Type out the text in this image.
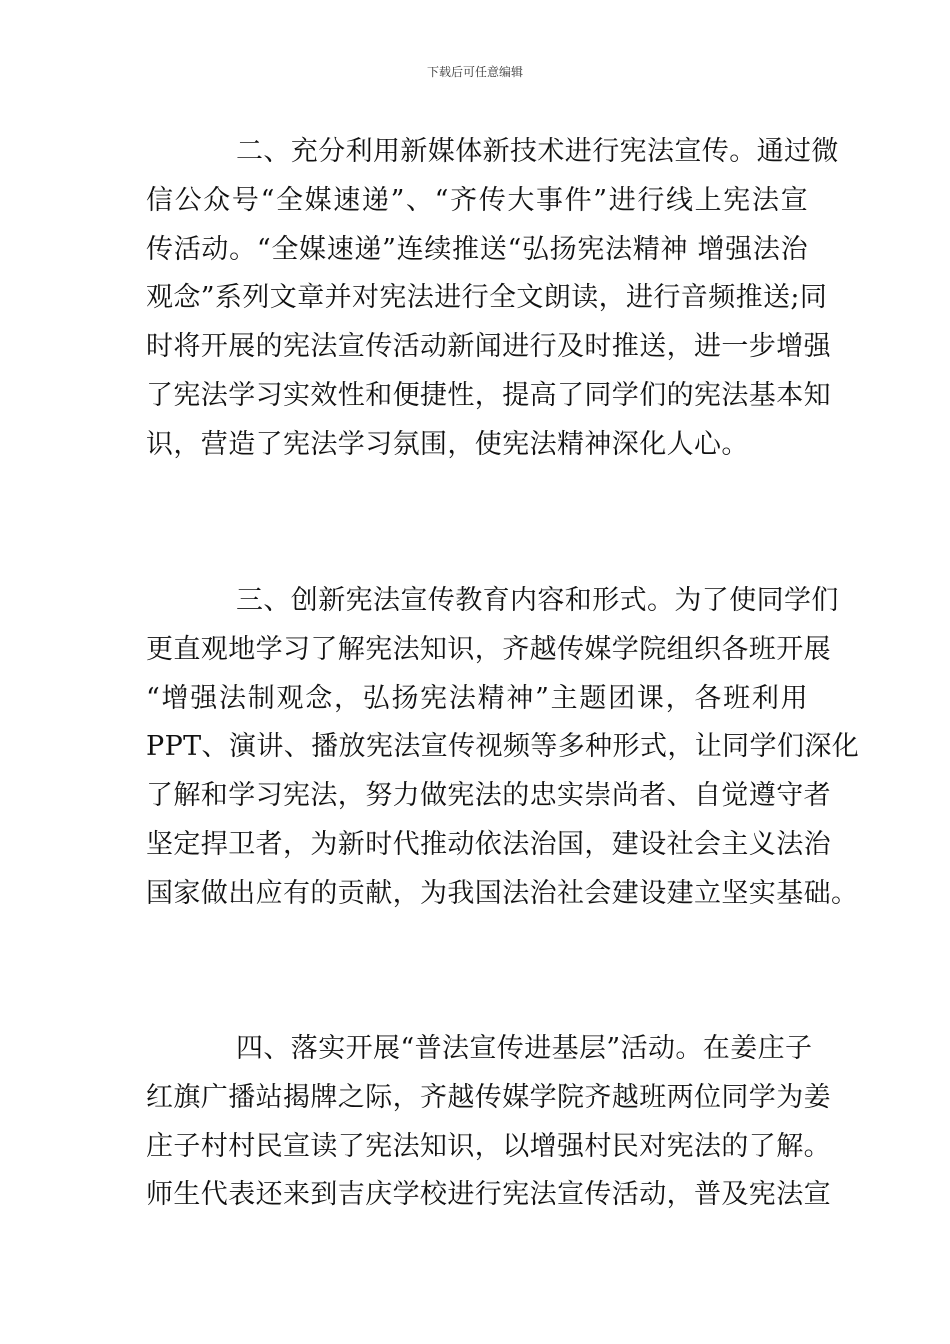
下载后可任意编辑
二、充分利用新媒体新技术进行宪法宣传。通过微
信公众号“全媒速递”、“齐传大事件”进行线上宪法宣
传活动。“全媒速递”连续推送“弘扬宪法精神 增强法治
观念”系列文章并对宪法进行全文朗读，进行音频推送;同
时将开展的宪法宣传活动新闻进行及时推送，进一步增强
了宪法学习实效性和便捷性，提高了同学们的宪法基本知
识，营造了宪法学习氛围，使宪法精神深化人心。
三、创新宪法宣传教育内容和形式。为了使同学们
更直观地学习了解宪法知识，齐越传媒学院组织各班开展
“增强法制观念，弘扬宪法精神”主题团课，各班利用
PPT、演讲、播放宪法宣传视频等多种形式，让同学们深化
了解和学习宪法，努力做宪法的忠实崇尚者、自觉遵守者
坚定捍卫者，为新时代推动依法治国，建设社会主义法治
国家做出应有的贡献，为我国法治社会建设建立坚实基础。
四、落实开展“普法宣传进基层”活动。在姜庄子
红旗广播站揭牌之际，齐越传媒学院齐越班两位同学为姜
庄子村村民宣读了宪法知识，以增强村民对宪法的了解。
师生代表还来到吉庆学校进行宪法宣传活动，普及宪法宣
